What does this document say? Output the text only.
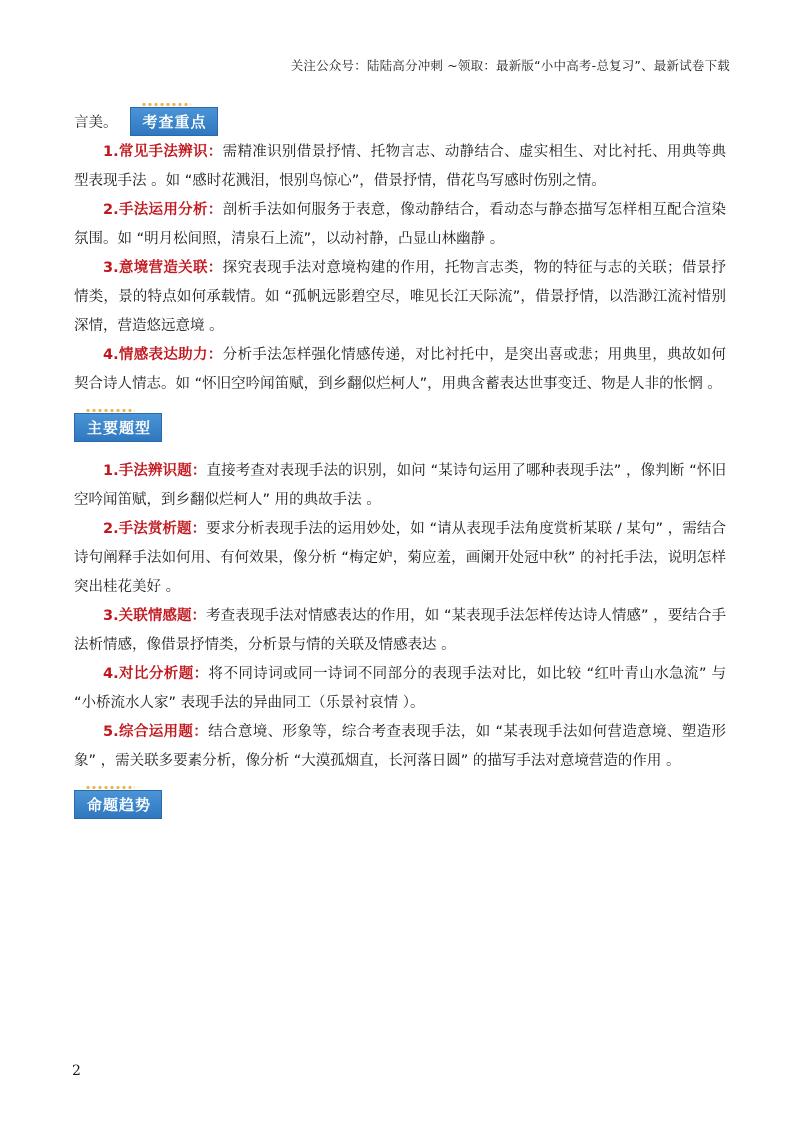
关注公众号：陆陆高分冲刺 ~领取：最新版“小中高考-总复习”、最新试卷下载
言美。	考查重点

1.常见手法辨识：需精准识别借景抒情、托物言志、动静结合、虚实相生、对比衬托、用典等典型表现手法 。如 “感时花溅泪，恨别鸟惊心”，借景抒情，借花鸟写感时伤别之情。

2.手法运用分析：剖析手法如何服务于表意，像动静结合，看动态与静态描写怎样相互配合渲染氛围。如 “明月松间照，清泉石上流”，以动衬静，凸显山林幽静 。

3.意境营造关联：探究表现手法对意境构建的作用，托物言志类，物的特征与志的关联；借景抒情类，景的特点如何承载情。如 “孤帆远影碧空尽，唯见长江天际流”，借景抒情，以浩渺江流衬惜别深情，营造悠远意境 。

4.情感表达助力：分析手法怎样强化情感传递，对比衬托中，是突出喜或悲；用典里，典故如何契合诗人情志。如 “怀旧空吟闻笛赋，到乡翻似烂柯人”，用典含蓄表达世事变迁、物是人非的怅惘 。

主要题型

1.手法辨识题：直接考查对表现手法的识别，如问 “某诗句运用了哪种表现手法” ，像判断 “怀旧空吟闻笛赋，到乡翻似烂柯人” 用的典故手法 。

2.手法赏析题：要求分析表现手法的运用妙处，如 “请从表现手法角度赏析某联 / 某句” ，需结合诗句阐释手法如何用、有何效果，像分析 “梅定妒，菊应羞，画阑开处冠中秋” 的衬托手法，说明怎样突出桂花美好 。

3.关联情感题：考查表现手法对情感表达的作用，如 “某表现手法怎样传达诗人情感” ，要结合手法析情感，像借景抒情类，分析景与情的关联及情感表达 。

4.对比分析题：将不同诗词或同一诗词不同部分的表现手法对比，如比较 “红叶青山水急流” 与 “小桥流水人家” 表现手法的异曲同工（乐景衬哀情 ）。

5.综合运用题：结合意境、形象等，综合考查表现手法，如 “某表现手法如何营造意境、塑造形象” ，需关联多要素分析，像分析 “大漠孤烟直，长河落日圆” 的描写手法对意境营造的作用 。

命题趋势
2
